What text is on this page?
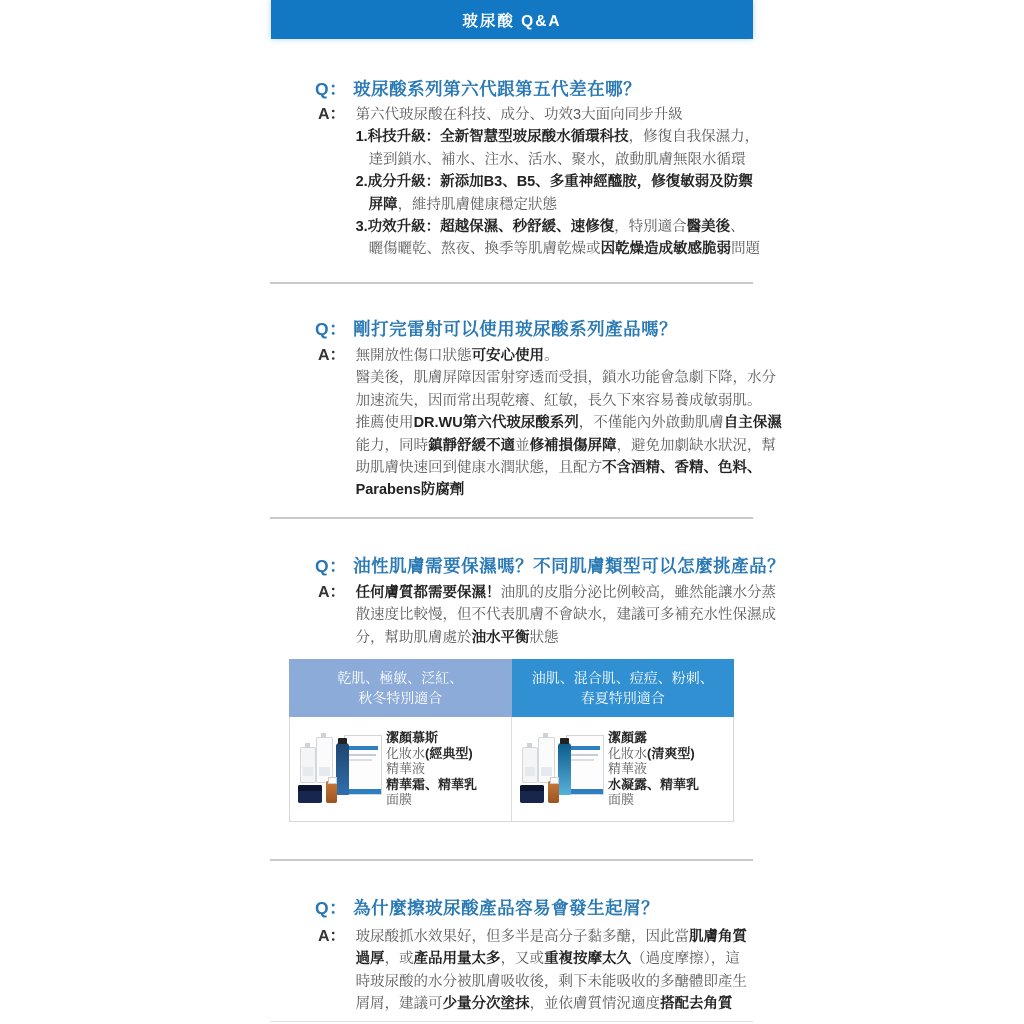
玻尿酸 Q&A
Q： 玻尿酸系列第六代跟第五代差在哪？
A： 第六代玻尿酸在科技、成分、功效3大面向同步升級
1.科技升級：全新智慧型玻尿酸水循環科技，修復自我保濕力，
達到鎖水、補水、注水、活水、聚水，啟動肌膚無限水循環
2.成分升級：新添加B3、B5、多重神經醯胺，修復敏弱及防禦
屏障，維持肌膚健康穩定狀態
3.功效升級：超越保濕、秒舒緩、速修復，特別適合醫美後、
曬傷曬乾、熬夜、換季等肌膚乾燥或因乾燥造成敏感脆弱問題
Q： 剛打完雷射可以使用玻尿酸系列產品嗎？
A： 無開放性傷口狀態可安心使用。
醫美後，肌膚屏障因雷射穿透而受損，鎖水功能會急劇下降，水分
加速流失，因而常出現乾癢、紅敏，長久下來容易養成敏弱肌。
推薦使用DR.WU第六代玻尿酸系列，不僅能內外啟動肌膚自主保濕
能力，同時鎮靜舒緩不適並修補損傷屏障，避免加劇缺水狀況，幫
助肌膚快速回到健康水潤狀態，且配方不含酒精、香精、色料、
Parabens防腐劑
Q： 油性肌膚需要保濕嗎？不同肌膚類型可以怎麼挑產品？
A： 任何膚質都需要保濕！油肌的皮脂分泌比例較高，雖然能讓水分蒸
散速度比較慢，但不代表肌膚不會缺水，建議可多補充水性保濕成
分，幫助肌膚處於油水平衡狀態
乾肌、極敏、泛紅、
秋冬特別適合
油肌、混合肌、痘痘、粉刺、
春夏特別適合
潔顏慕斯
化妝水(經典型)
精華液
精華霜、精華乳
面膜
潔顏露
化妝水(清爽型)
精華液
水凝露、精華乳
面膜
Q： 為什麼擦玻尿酸產品容易會發生起屑？
A： 玻尿酸抓水效果好，但多半是高分子黏多醣，因此當肌膚角質
過厚，或產品用量太多，又或重複按摩太久（過度摩擦），這
時玻尿酸的水分被肌膚吸收後，剩下未能吸收的多醣體即產生
屑屑，建議可少量分次塗抹，並依膚質情況適度搭配去角質
